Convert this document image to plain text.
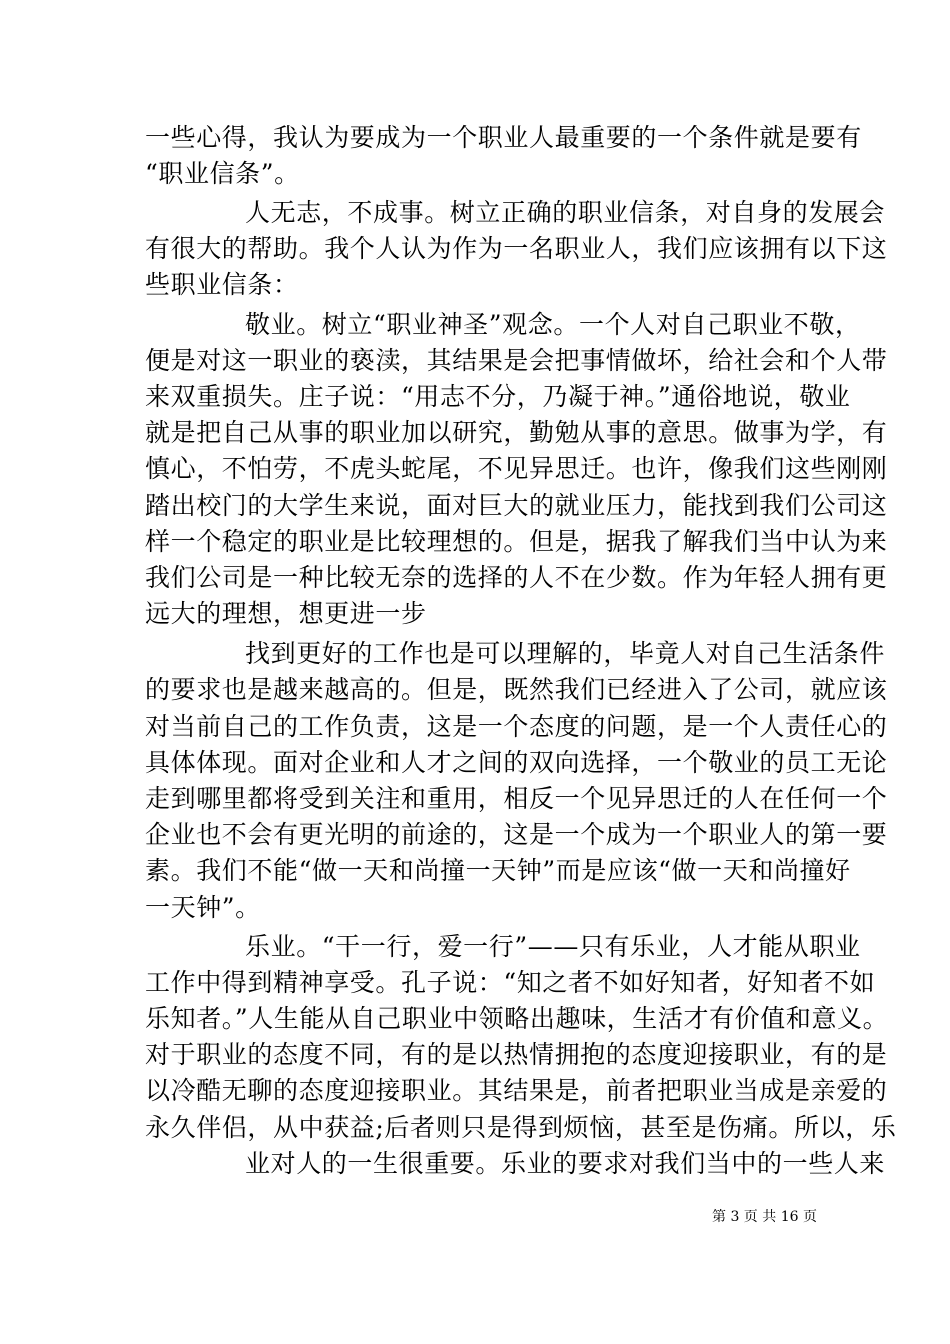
一些心得，我认为要成为一个职业人最重要的一个条件就是要有
“职业信条”。
人无志，不成事。树立正确的职业信条，对自身的发展会
有很大的帮助。我个人认为作为一名职业人，我们应该拥有以下这
些职业信条：
敬业。树立“职业神圣”观念。一个人对自己职业不敬，
便是对这一职业的亵渎，其结果是会把事情做坏，给社会和个人带
来双重损失。庄子说：“用志不分，乃凝于神。”通俗地说，敬业
就是把自己从事的职业加以研究，勤勉从事的意思。做事为学，有
慎心，不怕劳，不虎头蛇尾，不见异思迁。也许，像我们这些刚刚
踏出校门的大学生来说，面对巨大的就业压力，能找到我们公司这
样一个稳定的职业是比较理想的。但是，据我了解我们当中认为来
我们公司是一种比较无奈的选择的人不在少数。作为年轻人拥有更
远大的理想，想更进一步
找到更好的工作也是可以理解的，毕竟人对自己生活条件
的要求也是越来越高的。但是，既然我们已经进入了公司，就应该
对当前自己的工作负责，这是一个态度的问题，是一个人责任心的
具体体现。面对企业和人才之间的双向选择，一个敬业的员工无论
走到哪里都将受到关注和重用，相反一个见异思迁的人在任何一个
企业也不会有更光明的前途的，这是一个成为一个职业人的第一要
素。我们不能“做一天和尚撞一天钟”而是应该“做一天和尚撞好
一天钟”。
乐业。“干一行，爱一行”——只有乐业，人才能从职业
工作中得到精神享受。孔子说：“知之者不如好知者，好知者不如
乐知者。”人生能从自己职业中领略出趣味，生活才有价值和意义。
对于职业的态度不同，有的是以热情拥抱的态度迎接职业，有的是
以冷酷无聊的态度迎接职业。其结果是，前者把职业当成是亲爱的
永久伴侣，从中获益;后者则只是得到烦恼，甚至是伤痛。所以，乐
业对人的一生很重要。乐业的要求对我们当中的一些人来
第 3 页 共 16 页
